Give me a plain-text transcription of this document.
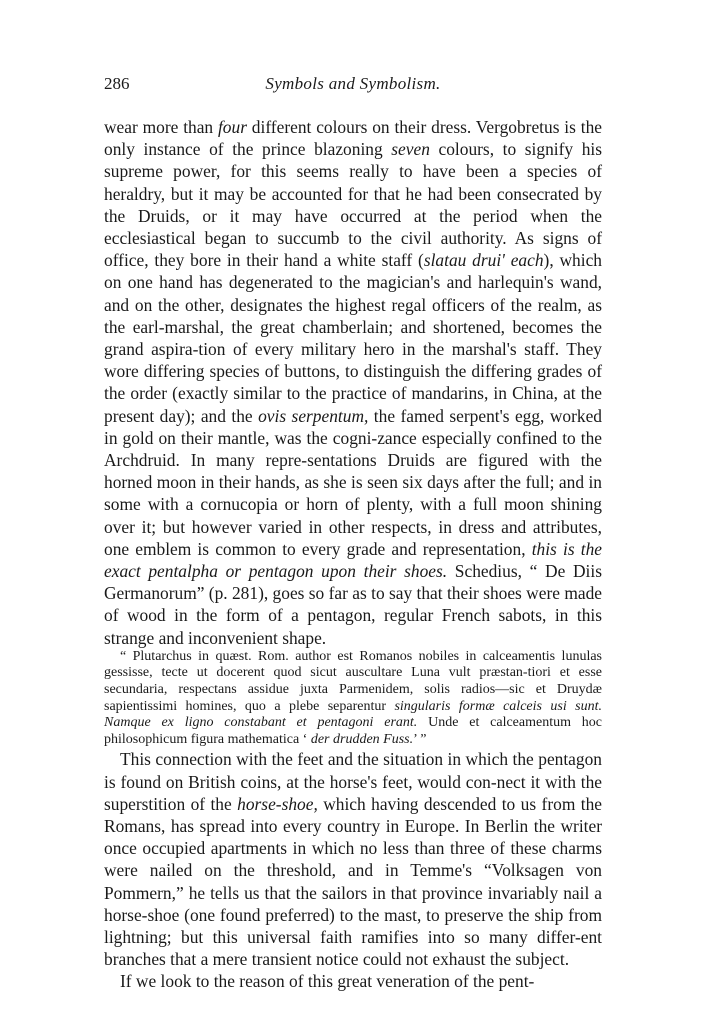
286	Symbols and Symbolism.

wear more than four different colours on their dress. Vergobretus is the only instance of the prince blazoning seven colours, to signify his supreme power, for this seems really to have been a species of heraldry, but it may be accounted for that he had been consecrated by the Druids, or it may have occurred at the period when the ecclesiastical began to succumb to the civil authority. As signs of office, they bore in their hand a white staff (slatau drui' each), which on one hand has degenerated to the magician's and harlequin's wand, and on the other, designates the highest regal officers of the realm, as the earl-marshal, the great chamberlain; and shortened, becomes the grand aspira-tion of every military hero in the marshal's staff. They wore differing species of buttons, to distinguish the differing grades of the order (exactly similar to the practice of mandarins, in China, at the present day); and the ovis serpentum, the famed serpent's egg, worked in gold on their mantle, was the cogni-zance especially confined to the Archdruid. In many repre-sentations Druids are figured with the horned moon in their hands, as she is seen six days after the full; and in some with a cornucopia or horn of plenty, with a full moon shining over it; but however varied in other respects, in dress and attributes, one emblem is common to every grade and representation, this is the exact pentalpha or pentagon upon their shoes. Schedius, “ De Diis Germanorum” (p. 281), goes so far as to say that their shoes were made of wood in the form of a pentagon, regular French sabots, in this strange and inconvenient shape.

“ Plutarchus in quæst. Rom. author est Romanos nobiles in calceamentis lunulas gessisse, tecte ut docerent quod sicut auscultare Luna vult præstan-tiori et esse secundaria, respectans assidue juxta Parmenidem, solis radios—sic et Druydæ sapientissimi homines, quo a plebe separentur singularis formæ calceis usi sunt. Namque ex ligno constabant et pentagoni erant. Unde et calceamentum hoc philosophicum figura mathematica ‘ der drudden Fuss.’ ”

This connection with the feet and the situation in which the pentagon is found on British coins, at the horse's feet, would con-nect it with the superstition of the horse-shoe, which having descended to us from the Romans, has spread into every country in Europe. In Berlin the writer once occupied apartments in which no less than three of these charms were nailed on the threshold, and in Temme's “Volksagen von Pommern,” he tells us that the sailors in that province invariably nail a horse-shoe (one found preferred) to the mast, to preserve the ship from lightning; but this universal faith ramifies into so many differ-ent branches that a mere transient notice could not exhaust the subject.

If we look to the reason of this great veneration of the pent-
